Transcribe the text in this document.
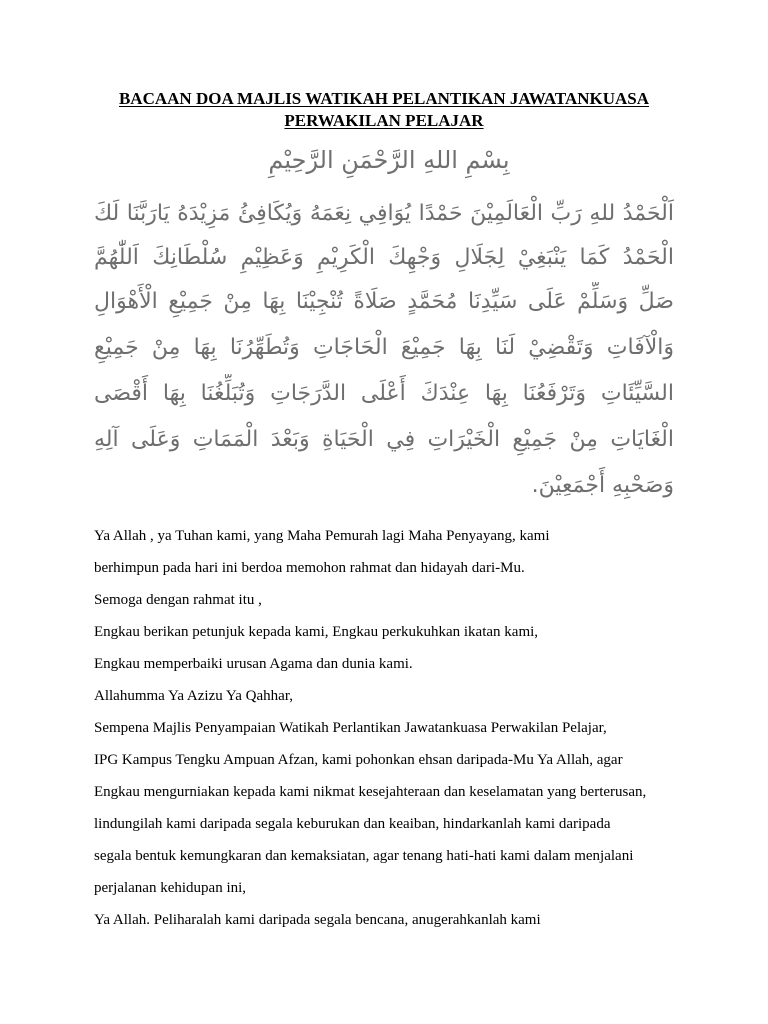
BACAAN DOA MAJLIS WATIKAH PELANTIKAN JAWATANKUASA
PERWAKILAN PELAJAR
بِسْمِ اللهِ الرَّحْمَنِ الرَّحِيْمِ
اَلْحَمْدُ للهِ رَبِّ الْعَالَمِيْنَ حَمْدًا يُوَافِي نِعَمَهُ وَيُكَافِئُ مَزِيْدَهُ يَارَبَّنَا لَكَ
الْحَمْدُ كَمَا يَنْبَغِيْ لِجَلَالِ وَجْهِكَ الْكَرِيْمِ وَعَظِيْمِ سُلْطَانِكَ اَللّٰهُمَّ
صَلِّ وَسَلِّمْ عَلَى سَيِّدِنَا مُحَمَّدٍ صَلَاةً تُنْجِيْنَا بِهَا مِنْ جَمِيْعِ الْأَهْوَالِ
وَالْآفَاتِ وَتَقْضِيْ لَنَا بِهَا جَمِيْعَ الْحَاجَاتِ وَتُطَهِّرُنَا بِهَا مِنْ جَمِيْعِ
السَّيِّئَاتِ وَتَرْفَعُنَا بِهَا عِنْدَكَ أَعْلَى الدَّرَجَاتِ وَتُبَلِّغُنَا بِهَا أَقْصَى
الْغَايَاتِ مِنْ جَمِيْعِ الْخَيْرَاتِ فِي الْحَيَاةِ وَبَعْدَ الْمَمَاتِ وَعَلَى آلِهِ
وَصَحْبِهِ أَجْمَعِيْنَ.

Ya Allah , ya Tuhan kami, yang Maha Pemurah lagi Maha Penyayang, kami

berhimpun pada hari ini berdoa memohon rahmat dan hidayah dari-Mu.

Semoga dengan rahmat itu ,

Engkau berikan petunjuk kepada kami, Engkau perkukuhkan ikatan kami,

Engkau memperbaiki urusan Agama dan dunia kami.

Allahumma Ya Azizu Ya Qahhar,

Sempena Majlis Penyampaian Watikah Perlantikan Jawatankuasa Perwakilan Pelajar,

IPG Kampus Tengku Ampuan Afzan, kami pohonkan ehsan daripada-Mu Ya Allah, agar

Engkau mengurniakan kepada kami nikmat kesejahteraan dan keselamatan yang berterusan,

lindungilah kami daripada segala keburukan dan keaiban, hindarkanlah kami daripada

segala bentuk kemungkaran dan kemaksiatan, agar tenang hati-hati kami dalam menjalani

perjalanan kehidupan ini,

Ya Allah. Peliharalah kami daripada segala bencana, anugerahkanlah kami
